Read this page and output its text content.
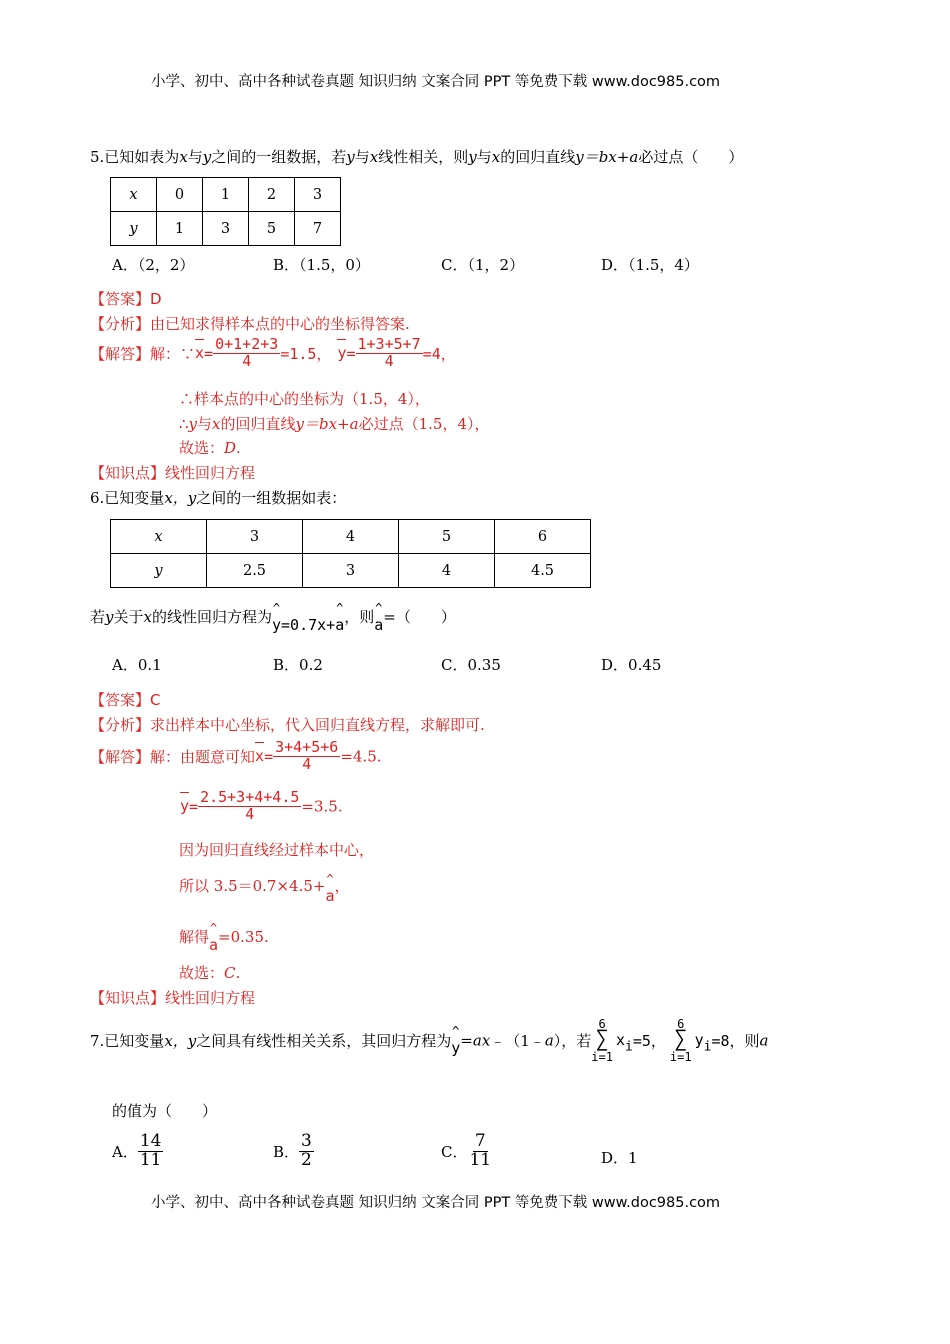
小学、初中、高中各种试卷真题 知识归纳 文案合同 PPT 等免费下载 www.doc985.com
5.已知如表为x与y之间的一组数据，若y与x线性相关，则y与x的回归直线y＝bx+a必过点（　　）
x	0	1	2	3
y	1	3	5	7
A．（2，2）	B．（1.5，0）	C．（1，2）	D．（1.5，4）
【答案】D
【分析】由已知求得样本点的中心的坐标得答案.
【解答】解：∵x= $\frac{0+1+2+3}{4} =1.5$， $y= \frac{1+3+5+7}{4} =4$，
∴样本点的中心的坐标为（1.5，4），
∴y与x的回归直线y＝bx+a必过点（1.5，4），
故选：D.
【知识点】线性回归方程
6.已知变量x，y之间的一组数据如表：
x	3	4	5	6
y	2.5	3	4	4.5
若y关于x的线性回归方程为^ y=0.7x+^ a，则^ a=（　　）
A．0.1	B．0.2	C．0.35	D．0.45
【答案】C
【分析】求出样本中心坐标，代入回归直线方程，求解即可.
【解答】解：由题意可知$x= \frac{3+4+5+6}{4} =4.5$.
$y= \frac{2.5+3+4+4.5}{4} =3.5$.
因为回归直线经过样本中心，
所以 3.5＝0.7×4.5+^ a，
解得^ a=0.35.
故选：C.
【知识点】线性回归方程
7.已知变量x，y之间具有线性相关关系，其回归方程为^ y=ax﹣（1﹣a），若
6
∑
i=1
$x_i=5$，
6
∑
i=1
$y_i=8$，则a
的值为（　　）
A． $\frac{14}{11}$	B． $\frac{3}{2}$	C． $\frac{7}{11}$	D．1
小学、初中、高中各种试卷真题 知识归纳 文案合同 PPT 等免费下载 www.doc985.com
